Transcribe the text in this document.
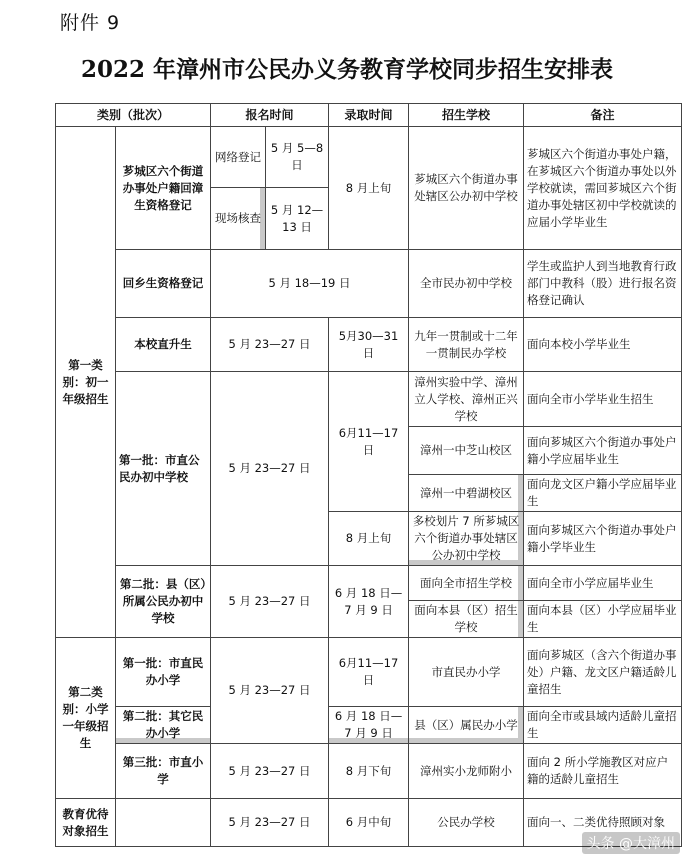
附件 9
2022 年漳州市公民办义务教育学校同步招生安排表
类别（批次）		报名时间		录取时间	招生学校	备注
第一类别：初一年级招生	芗城区六个街道办事处户籍回漳生资格登记	网络登记	5 月 5—8 日	8 月上旬	芗城区六个街道办事处辖区公办初中学校	芗城区六个街道办事处户籍，在芗城区六个街道办事处以外学校就读，需回芗城区六个街道办事处辖区初中学校就读的应届小学毕业生
		现场核查	5 月 12—13 日			
	回乡生资格登记	5 月 18—19 日			全市民办初中学校	学生或监护人到当地教育行政部门中教科（股）进行报名资格登记确认
	本校直升生	5 月 23—27 日		5月30—31 日	九年一贯制或十二年一贯制民办学校	面向本校小学毕业生
	第一批：市直公民办初中学校	5 月 23—27 日		6月11—17 日	漳州实验中学、漳州立人学校、漳州正兴学校	面向全市小学毕业生招生
					漳州一中芝山校区	面向芗城区六个街道办事处户籍小学应届毕业生
					漳州一中碧湖校区	面向龙文区户籍小学应届毕业生
				8 月上旬	多校划片 7 所芗城区六个街道办事处辖区公办初中学校	面向芗城区六个街道办事处户籍小学毕业生
	第二批：县（区）所属公民办初中学校	5 月 23—27 日		6 月 18 日—7 月 9 日	面向全市招生学校	面向全市小学应届毕业生
					面向本县（区）招生学校	面向本县（区）小学应届毕业生
第二类别：小学一年级招生	第一批：市直民办小学	5 月 23—27 日		6月11—17 日	市直民办小学	面向芗城区（含六个街道办事处）户籍、龙文区户籍适龄儿童招生
	第二批：其它民办小学			6 月 18 日—7 月 9 日	县（区）属民办小学	面向全市或县域内适龄儿童招生
	第三批：市直小学	5 月 23—27 日		8 月下旬	漳州实小龙师附小	面向 2 所小学施教区对应户籍的适龄儿童招生
教育优待对象招生		5 月 23—27 日		6 月中旬	公民办学校	面向一、二类优待照顾对象
头条 @大漳州
